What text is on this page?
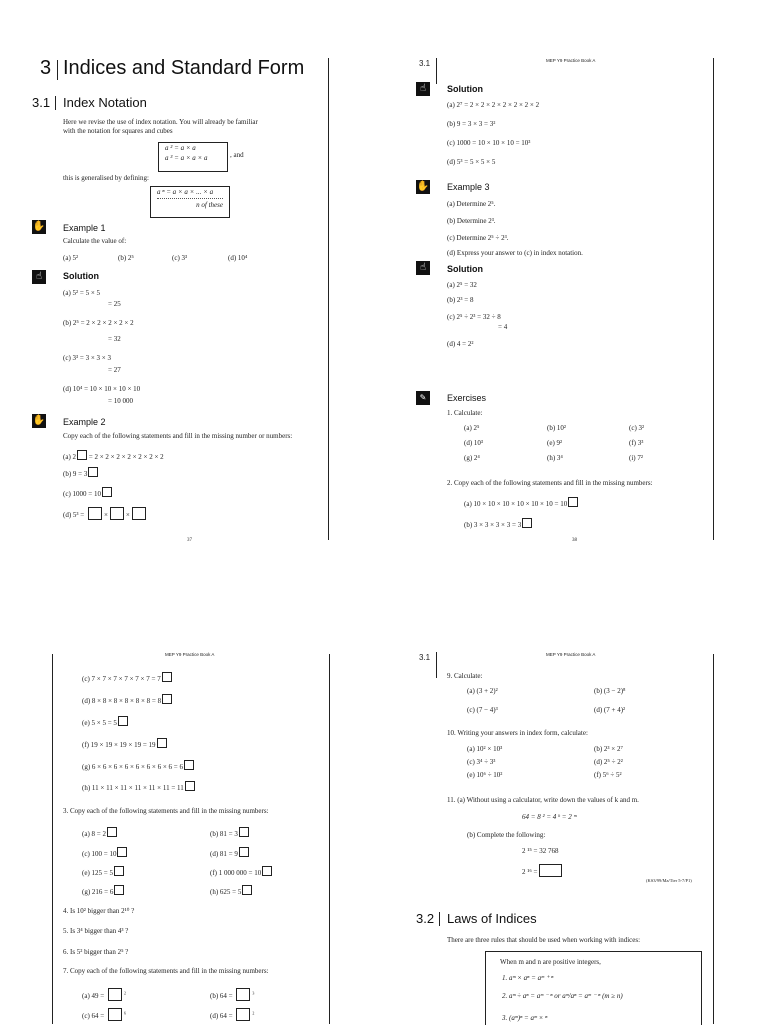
3 Indices and Standard Form
3.1 Index Notation
Here we revise the use of index notation. You will already be familiar
with the notation for squares and cubes
a ² = a × a
a ³ = a × a × a	, and
this is generalised by defining:
a ⁿ = a × a × ... × a
n of these
✋ Example 1
Calculate the value of:
(a) 5²	(b) 2⁵	(c) 3³	(d) 10⁴
☝	Solution
(a) 5² = 5 × 5
= 25
(b) 2⁵ = 2 × 2 × 2 × 2 × 2
= 32
(c) 3³ = 3 × 3 × 3
= 27
(d) 10⁴ = 10 × 10 × 10 × 10
= 10 000
✋ Example 2
Copy each of the following statements and fill in the missing number or numbers:
(a) 2 = 2 × 2 × 2 × 2 × 2 × 2 × 2
(b) 9 = 3
(c) 1000 = 10
(d) 5³ =	×	×
37
3.1	MEP Y9 Practice Book A
☝	Solution
(a) 2⁷ = 2 × 2 × 2 × 2 × 2 × 2 × 2
(b) 9 = 3 × 3 = 3²
(c) 1000 = 10 × 10 × 10 = 10³
(d) 5³ = 5 × 5 × 5
✋ Example 3
(a) Determine 2⁵.
(b) Determine 2³.
(c) Determine 2⁵ ÷ 2³.
(d) Express your answer to (c) in index notation.
☝	Solution
(a) 2⁵ = 32
(b) 2³ = 8
(c) 2⁵ ÷ 2³ = 32 ÷ 8
= 4
(d) 4 = 2²
✎	Exercises
1. Calculate:
(a) 2⁵	(b) 10²	(c) 3²
(d) 10³	(e) 9²	(f) 3³
(g) 2⁴	(h) 3⁴	(i) 7²
2. Copy each of the following statements and fill in the missing numbers:
(a) 10 × 10 × 10 × 10 × 10 × 10 = 10
(b) 3 × 3 × 3 × 3 = 3
38
MEP Y9 Practice Book A
(c) 7 × 7 × 7 × 7 × 7 × 7 = 7
(d) 8 × 8 × 8 × 8 × 8 × 8 = 8
(e) 5 × 5 = 5
(f) 19 × 19 × 19 × 19 = 19
(g) 6 × 6 × 6 × 6 × 6 × 6 × 6 × 6 = 6
(h) 11 × 11 × 11 × 11 × 11 × 11 = 11
3. Copy each of the following statements and fill in the missing numbers:
(a) 8 = 2	(b) 81 = 3
(c) 100 = 10	(d) 81 = 9
(e) 125 = 5	(f) 1 000 000 = 10
(g) 216 = 6	(h) 625 = 5
4. Is 10² bigger than 2¹⁰ ?
5. Is 3⁴ bigger than 4³ ?
6. Is 5² bigger than 2⁵ ?
7. Copy each of the following statements and fill in the missing numbers:
(a) 49 =	$^2$	(b) 64 =	$^3$
(c) 64 =	$^6$	(d) 64 =	$^2$
3.1	MEP Y9 Practice Book A
9. Calculate:
(a) (3 + 2)²	(b) (3 − 2)⁸
(c) (7 − 4)³	(d) (7 + 4)²
10. Writing your answers in index form, calculate:
(a) 10² × 10³	(b) 2³ × 2⁷
(c) 3⁴ ÷ 3³	(d) 2⁵ ÷ 2²
(e) 10⁶ ÷ 10²	(f) 5⁶ ÷ 5²
11. (a) Without using a calculator, write down the values of k and m.
64 = 8 ² = 4 ᵏ = 2 ᵐ
(b) Complete the following:
2 ¹⁵ = 32 768
2 ¹⁶ =
(KS3/99/Ma/Tier 5-7/P1)
3.2 Laws of Indices
There are three rules that should be used when working with indices:
When m and n are positive integers,
1. aᵐ × aⁿ = aᵐ ⁺ ⁿ
2. aᵐ ÷ aⁿ = aᵐ ⁻ ⁿ or aᵐ/aⁿ = aᵐ ⁻ ⁿ (m ≥ n)
3. (aᵐ)ⁿ = aᵐ × ⁿ
